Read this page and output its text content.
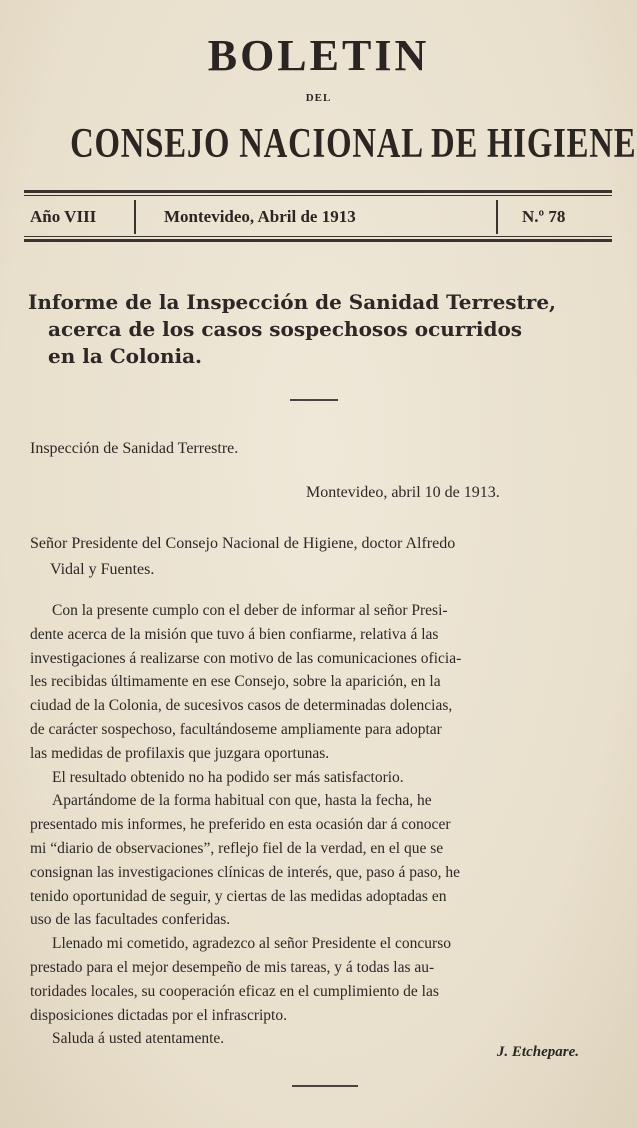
BOLETIN
DEL
CONSEJO NACIONAL DE HIGIENE
Año VIII	Montevideo, Abril de 1913	N.º 78
Informe de la Inspección de Sanidad Terrestre,
acerca de los casos sospechosos ocurridos
en la Colonia.
Inspección de Sanidad Terrestre.
Montevideo, abril 10 de 1913.
Señor Presidente del Consejo Nacional de Higiene, doctor Alfredo
Vidal y Fuentes.
Con la presente cumplo con el deber de informar al señor Presi-
dente acerca de la misión que tuvo á bien confiarme, relativa á las
investigaciones á realizarse con motivo de las comunicaciones oficia-
les recibidas últimamente en ese Consejo, sobre la aparición, en la
ciudad de la Colonia, de sucesivos casos de determinadas dolencias,
de carácter sospechoso, facultándoseme ampliamente para adoptar
las medidas de profilaxis que juzgara oportunas.
El resultado obtenido no ha podido ser más satisfactorio.
Apartándome de la forma habitual con que, hasta la fecha, he
presentado mis informes, he preferido en esta ocasión dar á conocer
mi “diario de observaciones”, reflejo fiel de la verdad, en el que se
consignan las investigaciones clínicas de interés, que, paso á paso, he
tenido oportunidad de seguir, y ciertas de las medidas adoptadas en
uso de las facultades conferidas.
Llenado mi cometido, agradezco al señor Presidente el concurso
prestado para el mejor desempeño de mis tareas, y á todas las au-
toridades locales, su cooperación eficaz en el cumplimiento de las
disposiciones dictadas por el infrascripto.
Saluda á usted atentamente.
J. Etchepare.
